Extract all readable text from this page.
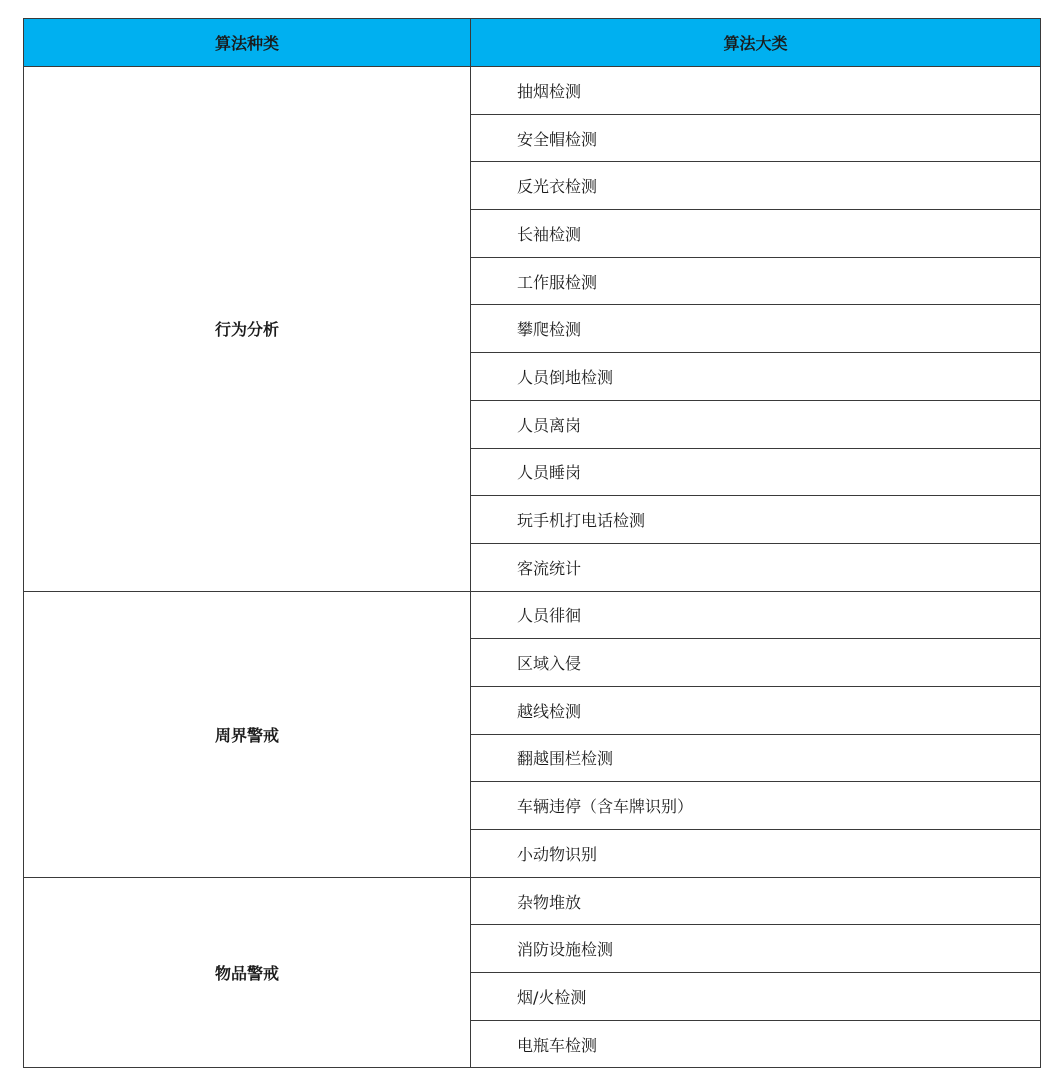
算法种类	算法大类
行为分析	抽烟检测
	安全帽检测
	反光衣检测
	长袖检测
	工作服检测
	攀爬检测
	人员倒地检测
	人员离岗
	人员睡岗
	玩手机打电话检测
	客流统计
周界警戒	人员徘徊
	区域入侵
	越线检测
	翻越围栏检测
	车辆违停（含车牌识别）
	小动物识别
物品警戒	杂物堆放
	消防设施检测
	烟/火检测
	电瓶车检测
